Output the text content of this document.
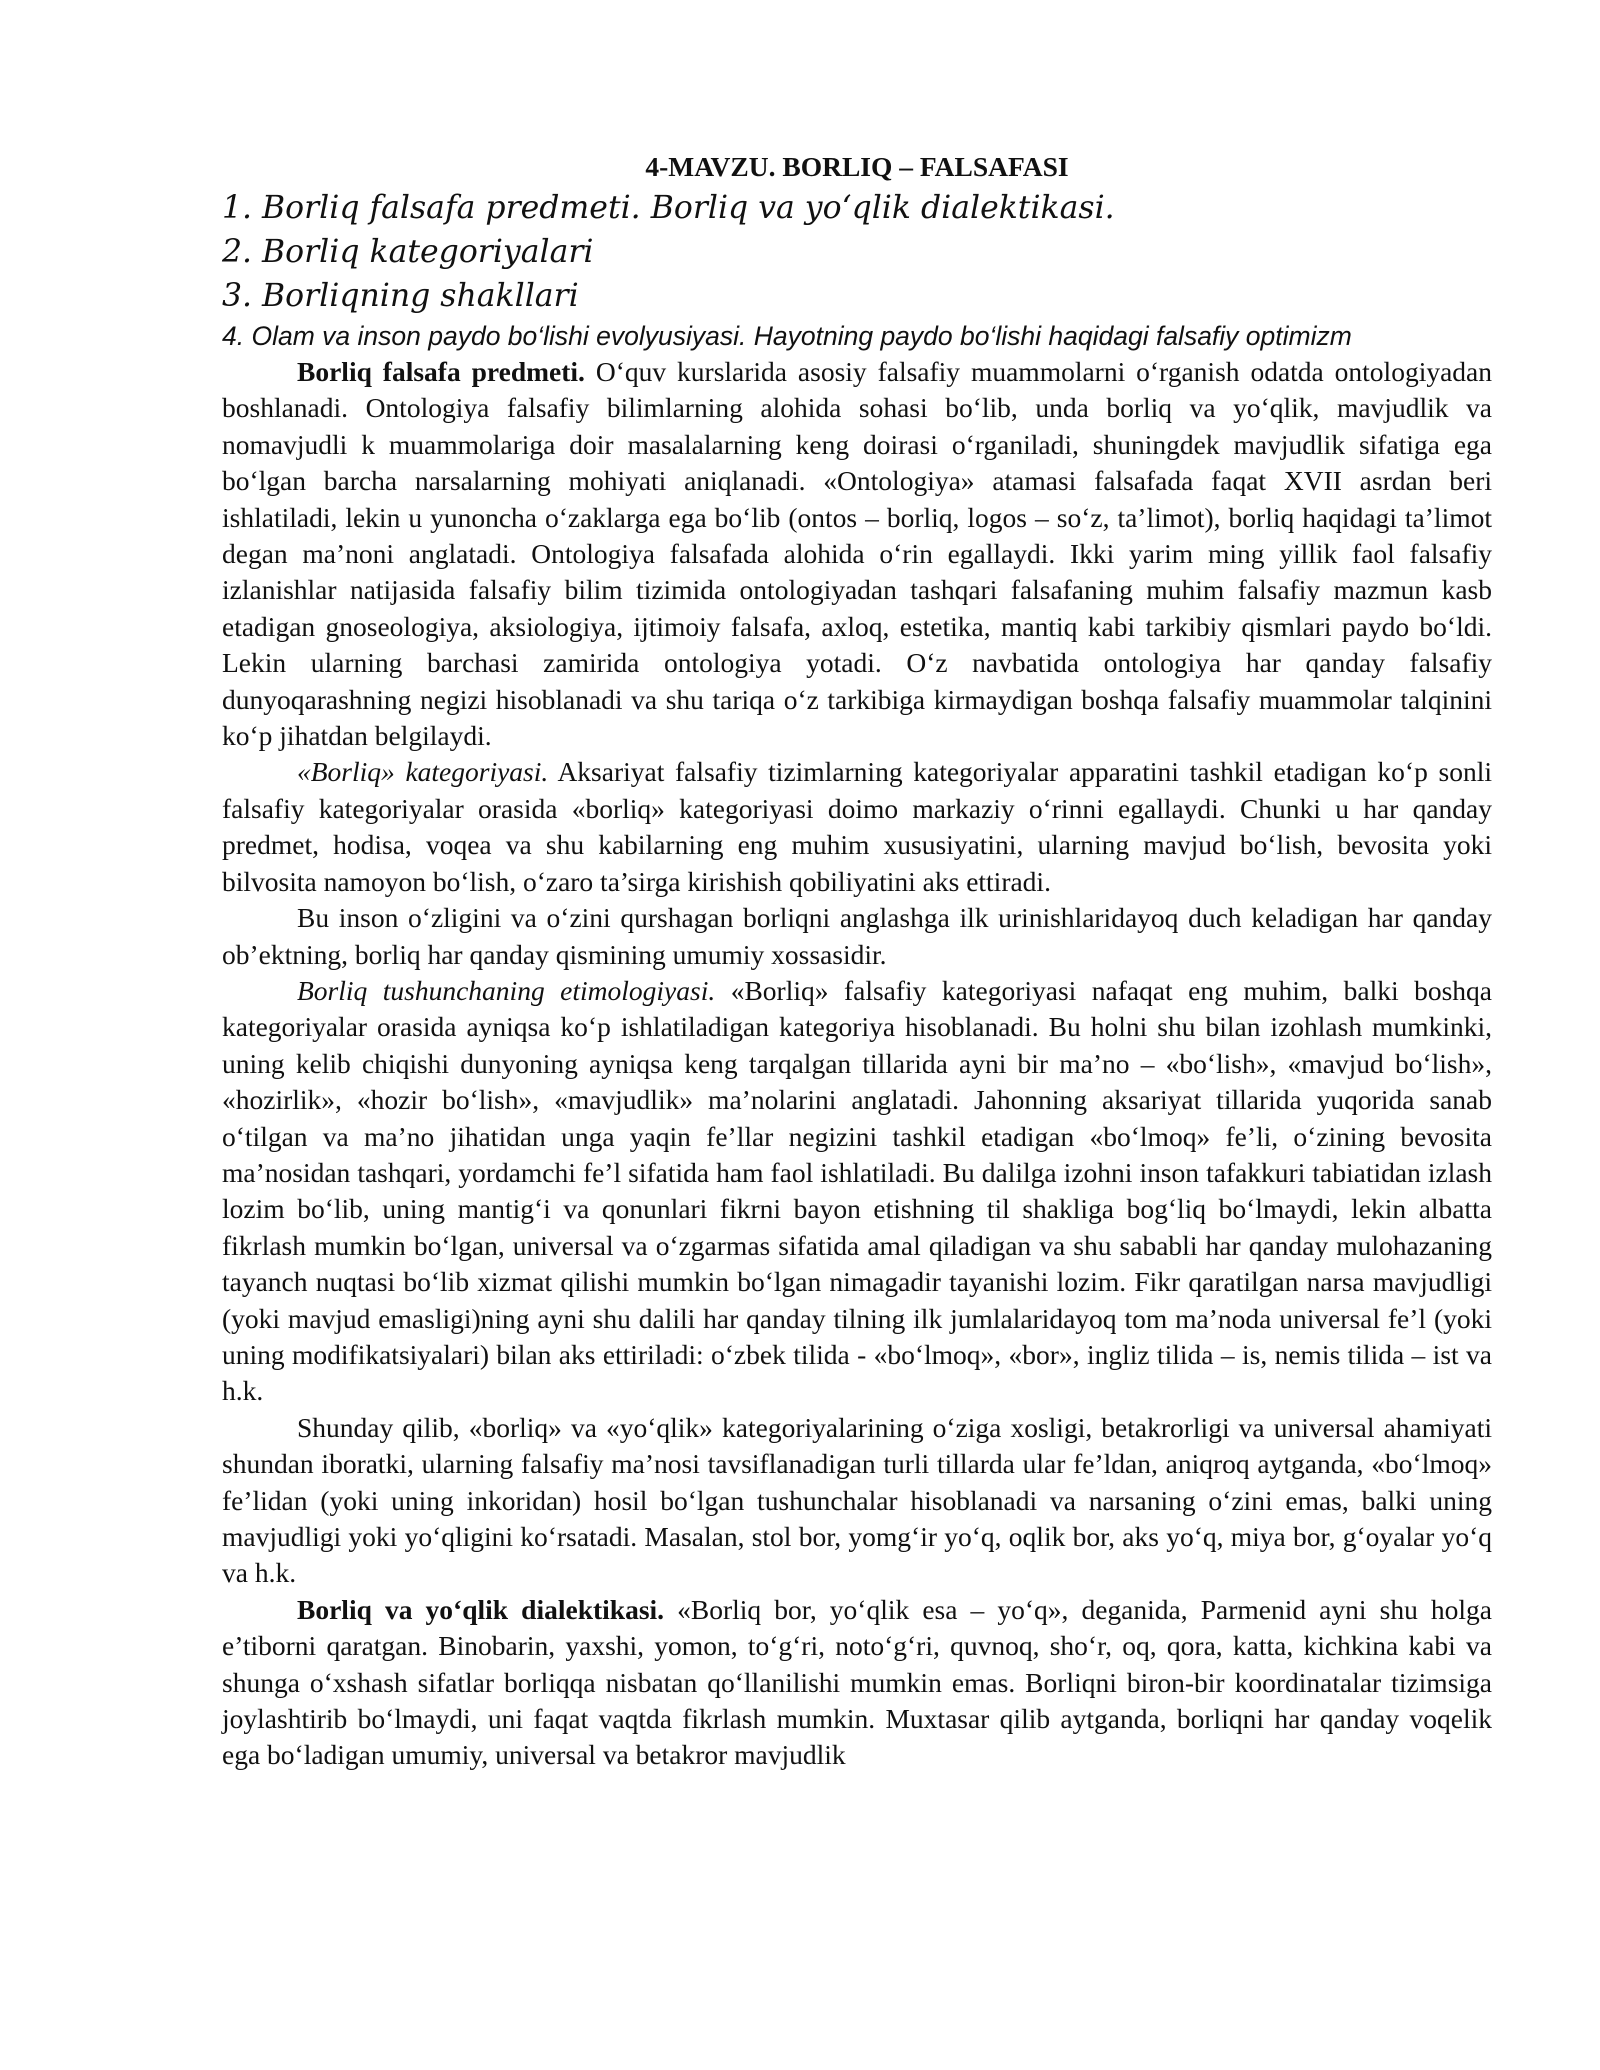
4-MAVZU. BORLIQ – FALSAFASI
1. Borliq falsafa predmeti. Borliq va yo‘qlik dialektikasi.
2. Borliq kategoriyalari
3. Borliqning shakllari
4. Olam va inson paydo bo‘lishi evolyusiyasi. Hayotning paydo bo‘lishi haqidagi falsafiy optimizm

Borliq falsafa predmeti. O‘quv kurslarida asosiy falsafiy muammolarni o‘rganish odatda ontologiyadan boshlanadi. Ontologiya falsafiy bilimlarning alohida sohasi bo‘lib, unda borliq va yo‘qlik, mavjudlik va nomavjudli k muammolariga doir masalalarning keng doirasi o‘rganiladi, shuningdek mavjudlik sifatiga ega bo‘lgan barcha narsalarning mohiyati aniqlanadi. «Ontologiya» atamasi falsafada faqat XVII asrdan beri ishlatiladi, lekin u yunoncha o‘zaklarga ega bo‘lib (ontos – borliq, logos – so‘z, ta’limot), borliq haqidagi ta’limot degan ma’noni anglatadi. Ontologiya falsafada alohida o‘rin egallaydi. Ikki yarim ming yillik faol falsafiy izlanishlar natijasida falsafiy bilim tizimida ontologiyadan tashqari falsafaning muhim falsafiy mazmun kasb etadigan gnoseologiya, aksiologiya, ijtimoiy falsafa, axloq, estetika, mantiq kabi tarkibiy qismlari paydo bo‘ldi. Lekin ularning barchasi zamirida ontologiya yotadi. O‘z navbatida ontologiya har qanday falsafiy dunyoqarashning negizi hisoblanadi va shu tariqa o‘z tarkibiga kirmaydigan boshqa falsafiy muammolar talqinini ko‘p jihatdan belgilaydi.

«Borliq» kategoriyasi. Aksariyat falsafiy tizimlarning kategoriyalar apparatini tashkil etadigan ko‘p sonli falsafiy kategoriyalar orasida «borliq» kategoriyasi doimo markaziy o‘rinni egallaydi. Chunki u har qanday predmet, hodisa, voqea va shu kabilarning eng muhim xususiyatini, ularning mavjud bo‘lish, bevosita yoki bilvosita namoyon bo‘lish, o‘zaro ta’sirga kirishish qobiliyatini aks ettiradi.

Bu inson o‘zligini va o‘zini qurshagan borliqni anglashga ilk urinishlaridayoq duch keladigan har qanday ob’ektning, borliq har qanday qismining umumiy xossasidir.

Borliq tushunchaning etimologiyasi. «Borliq» falsafiy kategoriyasi nafaqat eng muhim, balki boshqa kategoriyalar orasida ayniqsa ko‘p ishlatiladigan kategoriya hisoblanadi. Bu holni shu bilan izohlash mumkinki, uning kelib chiqishi dunyoning ayniqsa keng tarqalgan tillarida ayni bir ma’no – «bo‘lish», «mavjud bo‘lish», «hozirlik», «hozir bo‘lish», «mavjudlik» ma’nolarini anglatadi. Jahonning aksariyat tillarida yuqorida sanab o‘tilgan va ma’no jihatidan unga yaqin fe’llar negizini tashkil etadigan «bo‘lmoq» fe’li, o‘zining bevosita ma’nosidan tashqari, yordamchi fe’l sifatida ham faol ishlatiladi. Bu dalilga izohni inson tafakkuri tabiatidan izlash lozim bo‘lib, uning mantig‘i va qonunlari fikrni bayon etishning til shakliga bog‘liq bo‘lmaydi, lekin albatta fikrlash mumkin bo‘lgan, universal va o‘zgarmas sifatida amal qiladigan va shu sababli har qanday mulohazaning tayanch nuqtasi bo‘lib xizmat qilishi mumkin bo‘lgan nimagadir tayanishi lozim. Fikr qaratilgan narsa mavjudligi (yoki mavjud emasligi)ning ayni shu dalili har qanday tilning ilk jumlalaridayoq tom ma’noda universal fe’l (yoki uning modifikatsiyalari) bilan aks ettiriladi: o‘zbek tilida - «bo‘lmoq», «bor», ingliz tilida – is, nemis tilida – ist va h.k.

Shunday qilib, «borliq» va «yo‘qlik» kategoriyalarining o‘ziga xosligi, betakrorligi va universal ahamiyati shundan iboratki, ularning falsafiy ma’nosi tavsiflanadigan turli tillarda ular fe’ldan, aniqroq aytganda, «bo‘lmoq» fe’lidan (yoki uning inkoridan) hosil bo‘lgan tushunchalar hisoblanadi va narsaning o‘zini emas, balki uning mavjudligi yoki yo‘qligini ko‘rsatadi. Masalan, stol bor, yomg‘ir yo‘q, oqlik bor, aks yo‘q, miya bor, g‘oyalar yo‘q va h.k.

Borliq va yo‘qlik dialektikasi. «Borliq bor, yo‘qlik esa – yo‘q», deganida, Parmenid ayni shu holga e’tiborni qaratgan. Binobarin, yaxshi, yomon, to‘g‘ri, noto‘g‘ri, quvnoq, sho‘r, oq, qora, katta, kichkina kabi va shunga o‘xshash sifatlar borliqqa nisbatan qo‘llanilishi mumkin emas. Borliqni biron-bir koordinatalar tizimsiga joylashtirib bo‘lmaydi, uni faqat vaqtda fikrlash mumkin. Muxtasar qilib aytganda, borliqni har qanday voqelik ega bo‘ladigan umumiy, universal va betakror mavjudlik
